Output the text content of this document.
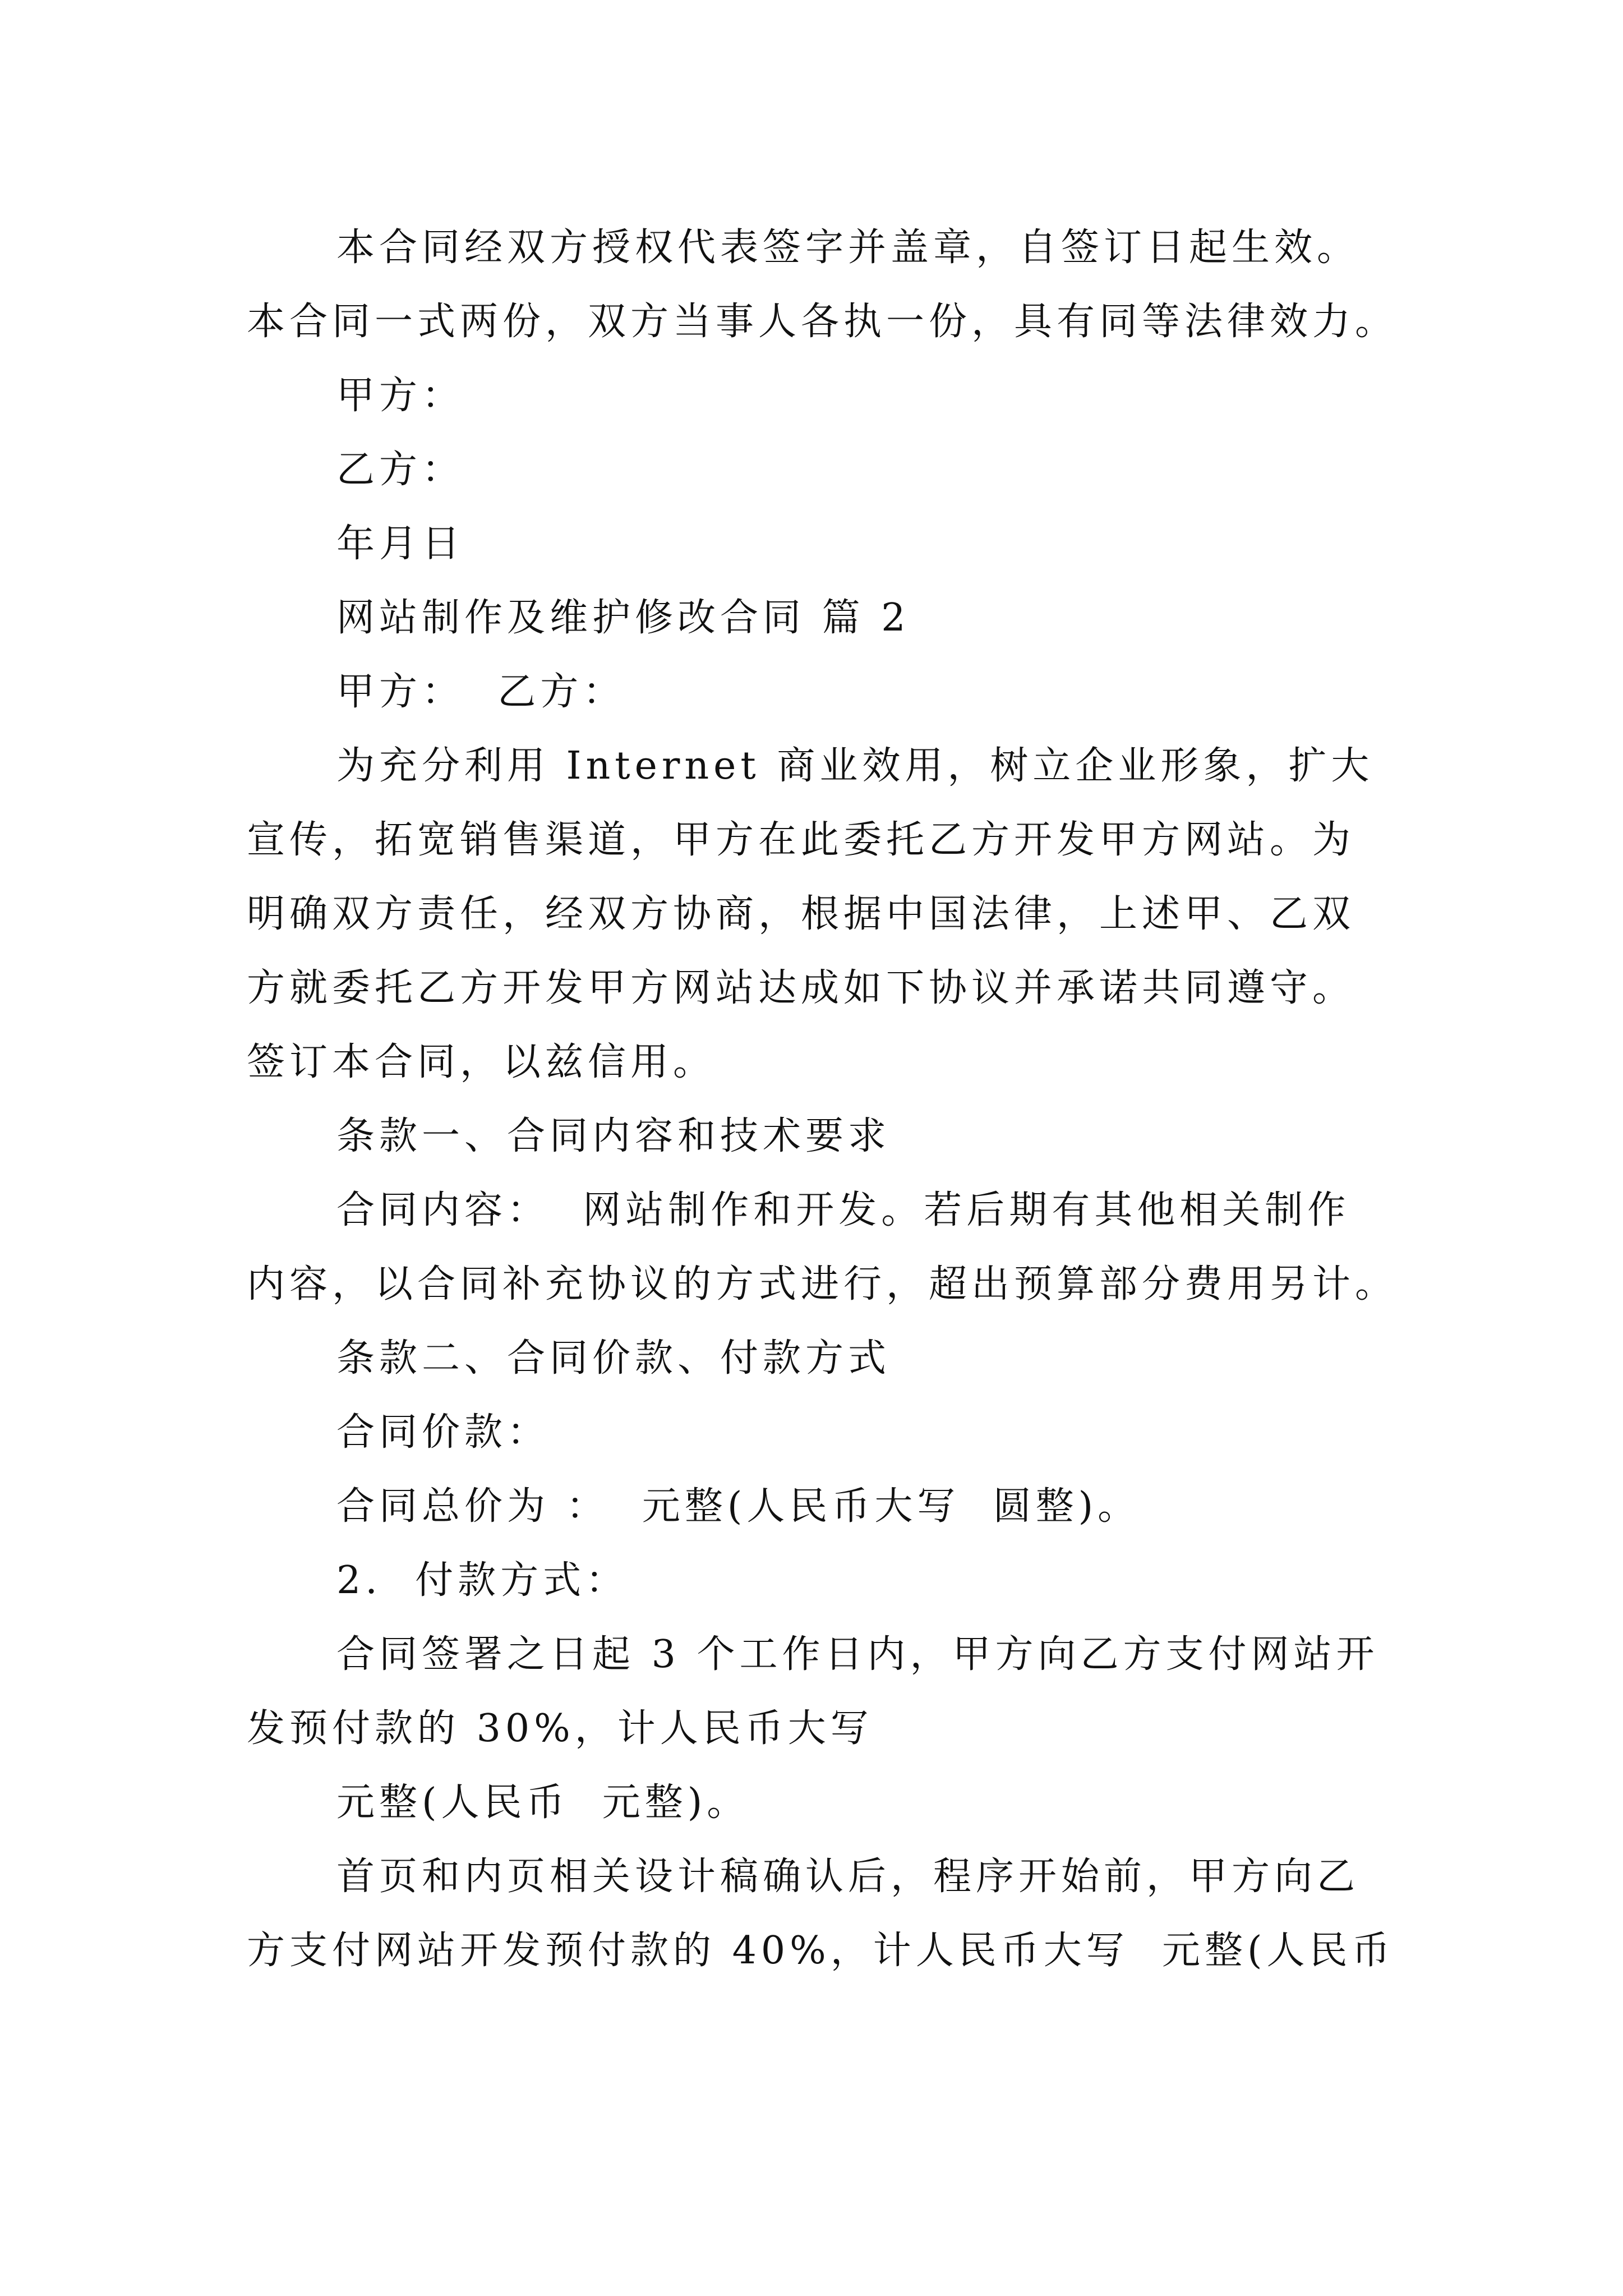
本合同经双方授权代表签字并盖章，自签订日起生效。
本合同一式两份，双方当事人各执一份，具有同等法律效力。
甲方：
乙方：
年月日
网站制作及维护修改合同 篇 2
甲方：  乙方：
为充分利用 Internet 商业效用，树立企业形象，扩大
宣传，拓宽销售渠道，甲方在此委托乙方开发甲方网站。为
明确双方责任，经双方协商，根据中国法律，上述甲、乙双
方就委托乙方开发甲方网站达成如下协议并承诺共同遵守。
签订本合同，以兹信用。
条款一、合同内容和技术要求
合同内容：  网站制作和开发。若后期有其他相关制作
内容，以合同补充协议的方式进行，超出预算部分费用另计。
条款二、合同价款、付款方式
合同价款：
合同总价为 ：  元整(人民币大写  圆整)。
2.  付款方式：
合同签署之日起 3 个工作日内，甲方向乙方支付网站开
发预付款的 30%，计人民币大写
元整(人民币  元整)。
首页和内页相关设计稿确认后，程序开始前，甲方向乙
方支付网站开发预付款的 40%，计人民币大写  元整(人民币
